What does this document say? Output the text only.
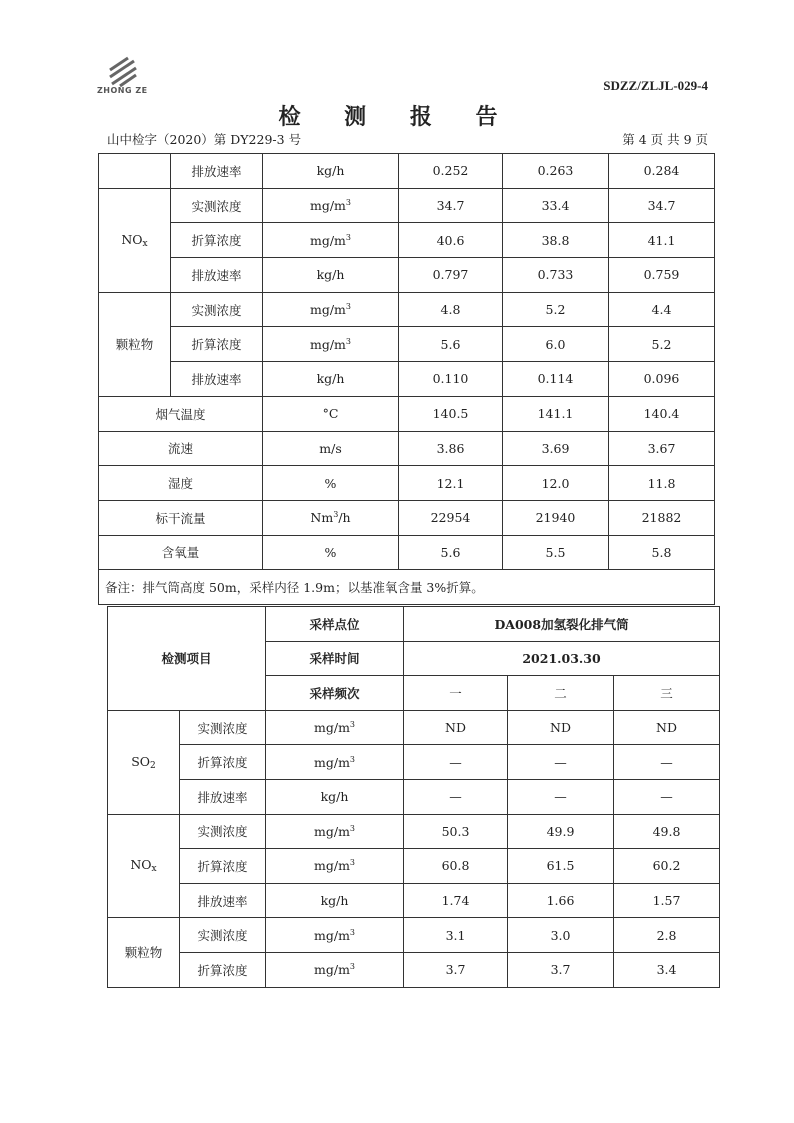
ZHONG ZE	SDZZ/ZLJL-029-4
检 测 报 告
山中检字（2020）第 DY229-3 号	第 4 页 共 9 页
	排放速率	kg/h	0.252	0.263	0.284
$NO_x$	实测浓度	$mg/m^3$	34.7	33.4	34.7
	折算浓度	$mg/m^3$	40.6	38.8	41.1
	排放速率	kg/h	0.797	0.733	0.759
颗粒物	实测浓度	$mg/m^3$	4.8	5.2	4.4
	折算浓度	$mg/m^3$	5.6	6.0	5.2
	排放速率	kg/h	0.110	0.114	0.096
烟气温度		°C	140.5	141.1	140.4
流速		m/s	3.86	3.69	3.67
湿度		%	12.1	12.0	11.8
标干流量		Nm$^3$/h	22954	21940	21882
含氧量		%	5.6	5.5	5.8
备注：排气筒高度 50m，采样内径 1.9m；以基准氧含量 3%折算。					
检测项目		采样点位	DA008加氢裂化排气筒		
		采样时间	2021.03.30		
		采样频次	一	二	三
$SO_2$	实测浓度	$mg/m^3$	ND	ND	ND
	折算浓度	$mg/m^3$	—	—	—
	排放速率	kg/h	—	—	—
$NO_x$	实测浓度	$mg/m^3$	50.3	49.9	49.8
	折算浓度	$mg/m^3$	60.8	61.5	60.2
	排放速率	kg/h	1.74	1.66	1.57
颗粒物	实测浓度	$mg/m^3$	3.1	3.0	2.8
	折算浓度	$mg/m^3$	3.7	3.7	3.4
